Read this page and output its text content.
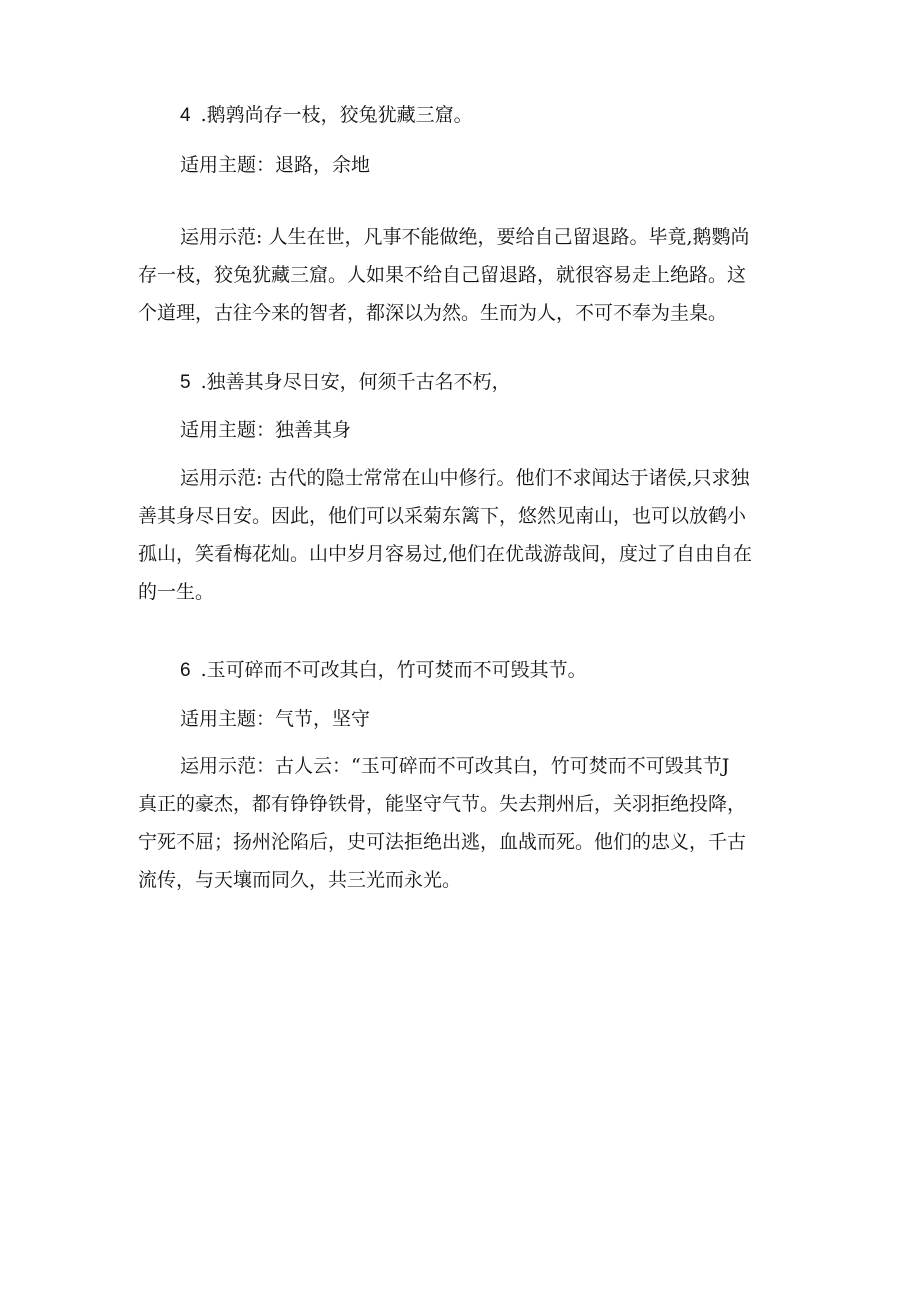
4 .鹅鹑尚存一枝，狡兔犹藏三窟。

适用主题：退路，余地

运用示范: 人生在世，凡事不能做绝，要给自己留退路。毕竟,鹅鹦尚
存一枝，狡兔犹藏三窟。人如果不给自己留退路，就很容易走上绝路。这
个道理，古往今来的智者，都深以为然。生而为人，不可不奉为圭臬。

5 .独善其身尽日安，何须千古名不朽，

适用主题：独善其身

运用示范: 古代的隐士常常在山中修行。他们不求闻达于诸侯,只求独
善其身尽日安。因此，他们可以采菊东篱下，悠然见南山，也可以放鹤小
孤山，笑看梅花灿。山中岁月容易过,他们在优哉游哉间，度过了自由自在
的一生。

6 .玉可碎而不可改其白，竹可焚而不可毁其节。

适用主题：气节，坚守

运用示范：古人云：“玉可碎而不可改其白，竹可焚而不可毁其节J
真正的豪杰，都有铮铮铁骨，能坚守气节。失去荆州后，关羽拒绝投降，
宁死不屈；扬州沦陷后，史可法拒绝出逃，血战而死。他们的忠义，千古
流传，与天壤而同久，共三光而永光。
